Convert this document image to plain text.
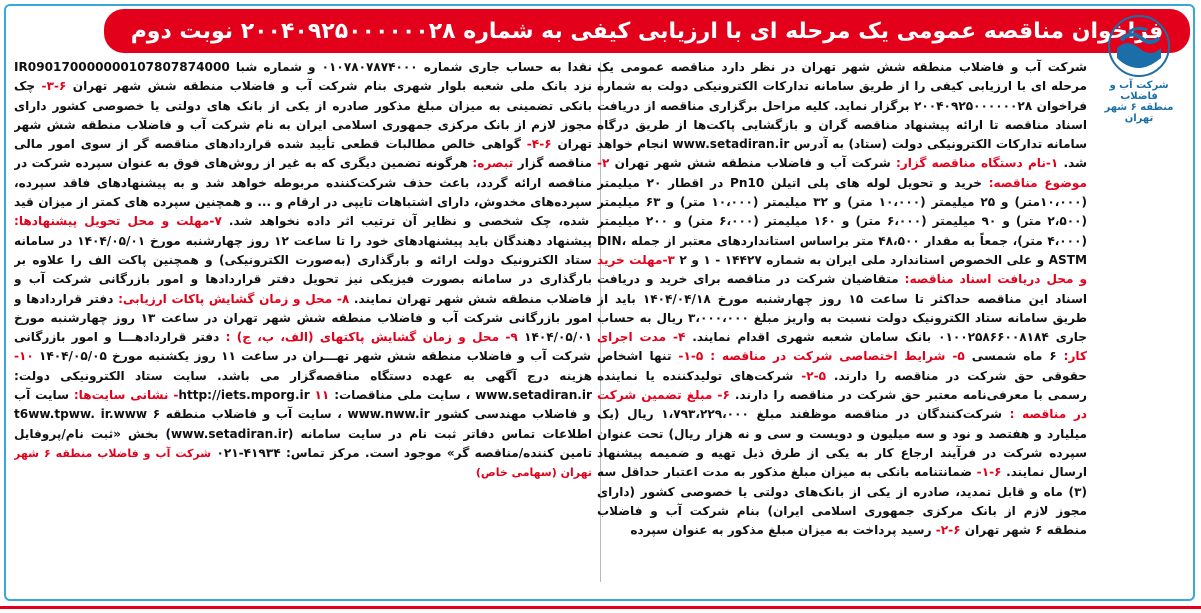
فراخوان مناقصه عمومی یک مرحله ای با ارزیابی کیفی به شماره ۲۰۰۴۰۹۲۵۰۰۰۰۰۰۲۸ نوبت دوم
شرکت آب و فاضلاب
منطقه ۶ شهر تهران
شرکت آب و فاضلاب منطقه شش شهر تهران در نظر دارد مناقصه عمومی یک مرحله ای با ارزیابی کیفی را از طریق سامانه تدارکات الکترونیکی دولت به شماره فراخوان ۲۰۰۴۰۹۲۵۰۰۰۰۰۰۲۸ برگزار نماید. کلیه مراحل برگزاری مناقصه از دریافت اسناد مناقصه تا ارائه پیشنهاد مناقصه گران و بازگشایی پاکت‌ها از طریق درگاه سامانه تدارکات الکترونیکی دولت (ستاد) به آدرس www.setadiran.ir انجام خواهد شد. ۱-نام دستگاه مناقصه گزار: شرکت آب و فاضلاب منطقه شش شهر تهران ۲-موضوع مناقصه: خرید و تحویل لوله های پلی اتیلن Pn10 در اقطار ۲۰ میلیمتر (۱۰،۰۰۰متر) و ۲۵ میلیمتر (۱۰،۰۰۰ متر) و ۳۲ میلیمتر (۱۰،۰۰۰ متر) و ۶۳ میلیمتر (۲،۵۰۰ متر) و ۹۰ میلیمتر (۶،۰۰۰ متر) و ۱۶۰ میلیمتر (۶،۰۰۰ متر) و ۲۰۰ میلیمتر (۴،۰۰۰ متر)، جمعاً به مقدار ۴۸،۵۰۰ متر براساس استانداردهای معتبر از جمله DIN، ASTM و علی الخصوص استاندارد ملی ایران به شماره ۱۴۴۲۷ - ۱ و ۲ ۳-مهلت خرید و محل دریافت اسناد مناقصه: متقاضیان شرکت در مناقصه برای خرید و دریافت اسناد این مناقصه حداکثر تا ساعت ۱۵ روز چهارشنبه مورخ ۱۴۰۴/۰۴/۱۸ باید از طریق سامانه ستاد الکترونیک دولت نسبت به واریز مبلغ ۳،۰۰۰،۰۰۰ ریال به حساب جاری ۰۱۰۰۲۵۸۶۶۰۰۸۱۸۴ بانک سامان شعبه شهری اقدام نمایند. ۴- مدت اجرای کار: ۶ ماه شمسی ۵- شرایط اختصاصی شرکت در مناقصه : ۵-۱- تنها اشخاص حقوقی حق شرکت در مناقصه را دارند. ۵-۲- شرکت‌های تولیدکننده یا نماینده رسمی با معرفی‌نامه معتبر حق شرکت در مناقصه را دارند. ۶- مبلغ تضمین شرکت در مناقصه : شرکت‌کنندگان در مناقصه موظفند مبلغ ۱،۷۹۳،۲۲۹،۰۰۰ ریال (یک میلیارد و هفتصد و نود و سه میلیون و دویست و سی و نه هزار ریال) تحت عنوان سپرده شرکت در فرآیند ارجاع کار به یکی از طرق ذیل تهیه و ضمیمه پیشنهاد ارسال نمایند. ۶-۱- ضمانتنامه بانکی به میزان مبلغ مذکور به مدت اعتبار حداقل سه (۳) ماه و قابل تمدید، صادره از یکی از بانک‌های دولتی یا خصوصی کشور (دارای مجوز لازم از بانک مرکزی جمهوری اسلامی ایران) بنام شرکت آب و فاضلاب منطقه ۶ شهر تهران ۶-۲- رسید پرداخت به میزان مبلغ مذکور به عنوان سپرده
نقدا به حساب جاری شماره ۰۱۰۷۸۰۷۸۷۴۰۰۰ و شماره شبا IR090170000000107807874000 نزد بانک ملی شعبه بلوار شهری بنام شرکت آب و فاضلاب منطقه شش شهر تهران ۶-۳- چک بانکی تضمینی به میزان مبلغ مذکور صادره از یکی از بانک های دولتی یا خصوصی کشور دارای مجوز لازم از بانک مرکزی جمهوری اسلامی ایران به نام شرکت آب و فاضلاب منطقه شش شهر تهران ۶-۴- گواهی خالص مطالبات قطعی تأیید شده قراردادهای مناقصه گر از سوی امور مالی مناقصه گزار تبصره: هرگونه تضمین دیگری که به غیر از روش‌های فوق به عنوان سپرده شرکت در مناقصه ارائه گردد، باعث حذف شرکت‌کننده مربوطه خواهد شد و به پیشنهادهای فاقد سپرده، سپرده‌های مخدوش، دارای اشتباهات تایپی در ارقام و ... و همچنین سپرده های کمتر از میزان قید شده، چک شخصی و نظایر آن ترتیب اثر داده نخواهد شد. ۷-مهلت و محل تحویل پیشنهادها: پیشنهاد دهندگان باید پیشنهادهای خود را تا ساعت ۱۲ روز چهارشنبه مورخ ۱۴۰۴/۰۵/۰۱ در سامانه ستاد الکترونیک دولت ارائه و بارگذاری (به‌صورت الکترونیکی) و همچنین پاکت الف را علاوه بر بارگذاری در سامانه بصورت فیزیکی نیز تحویل دفتر قراردادها و امور بازرگانی شرکت آب و فاضلاب منطقه شش شهر تهران نمایند. ۸- محل و زمان گشایش پاکات ارزیابی: دفتر قراردادها و امور بازرگانی شرکت آب و فاضلاب منطقه شش شهر تهران در ساعت ۱۳ روز چهارشنبه مورخ ۱۴۰۴/۰۵/۰۱ ۹- محل و زمان گشایش پاکتهای (الف، ب، ج) : دفتر قراردادهـــا و امور بازرگانی شرکت آب و فاضلاب منطقه شش شهر تهـــران در ساعت ۱۱ روز یکشنبه مورخ ۱۴۰۴/۰۵/۰۵ ۱۰- هزینه درج آگهی به عهده دستگاه مناقصه‌گزار می باشد. سایت ستاد الکترونیکی دولت: www.setadiran.ir ، سایت ملی مناقصات: http://iets.mporg.ir ۱۱- نشانی سایت‌ها: سایت آب و فاضلاب مهندسی کشور www.nww.ir ، سایت آب و فاضلاب منطقه ۶ t6ww.tpww. ir.www اطلاعات تماس دفاتر ثبت نام در سایت سامانه (www.setadiran.ir) بخش «ثبت نام/پروفایل تامین کننده/مناقصه گر» موجود است. مرکز تماس: ۴۱۹۳۴-۰۲۱ شرکت آب و فاضلاب منطقه ۶ شهر تهران (سهامی خاص)
